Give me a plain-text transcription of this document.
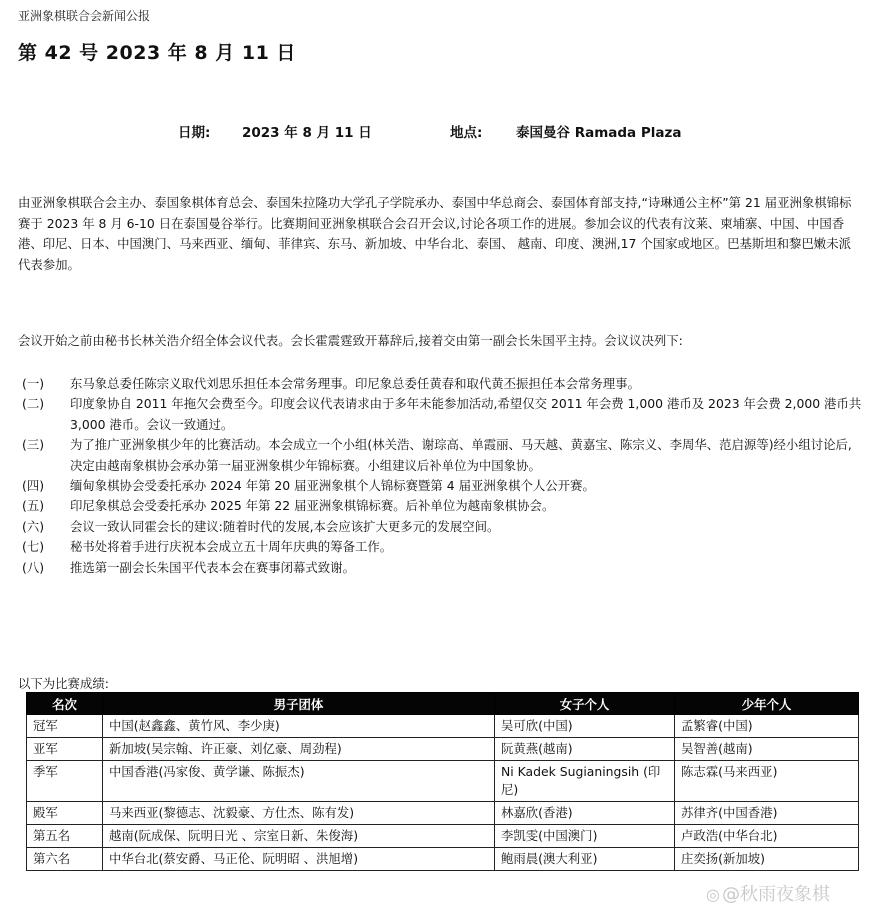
亚洲象棋联合会新闻公报
第 42 号 2023 年 8 月 11 日
日期: 2023 年 8 月 11 日	地点: 泰国曼谷 Ramada Plaza
由亚洲象棋联合会主办、泰国象棋体育总会、泰国朱拉隆功大学孔子学院承办、泰国中华总商会、泰国体育部支持,“诗琳通公主杯”第 21 届亚洲象棋锦标赛于 2023 年 8 月 6-10 日在泰国曼谷举行。比赛期间亚洲象棋联合会召开会议,讨论各项工作的进展。参加会议的代表有汶莱、柬埔寨、中国、中国香港、印尼、日本、中国澳门、马来西亚、缅甸、菲律宾、东马、新加坡、中华台北、泰国、 越南、印度、澳洲,17 个国家或地区。巴基斯坦和黎巴嫩未派代表参加。
会议开始之前由秘书长林关浩介绍全体会议代表。会长霍震霆致开幕辞后,接着交由第一副会长朱国平主持。会议议决列下:
(一)	东马象总委任陈宗义取代刘思乐担任本会常务理事。印尼象总委任黄春和取代黄丕振担任本会常务理事。
(二)	印度象协自 2011 年拖欠会费至今。印度会议代表请求由于多年未能参加活动,希望仅交 2011 年会费 1,000 港币及 2023 年会费 2,000 港币共 3,000 港币。会议一致通过。
(三)	为了推广亚洲象棋少年的比赛活动。本会成立一个小组(林关浩、谢琮高、单霞丽、马天越、黄嘉宝、陈宗义、李周华、范启源等)经小组讨论后,决定由越南象棋协会承办第一届亚洲象棋少年锦标赛。小组建议后补单位为中国象协。
(四)	缅甸象棋协会受委托承办 2024 年第 20 届亚洲象棋个人锦标赛暨第 4 届亚洲象棋个人公开赛。
(五)	印尼象棋总会受委托承办 2025 年第 22 届亚洲象棋锦标赛。后补单位为越南象棋协会。
(六)	会议一致认同霍会长的建议:随着时代的发展,本会应该扩大更多元的发展空间。
(七)	秘书处将着手进行庆祝本会成立五十周年庆典的筹备工作。
(八)	推选第一副会长朱国平代表本会在赛事闭幕式致谢。
以下为比赛成绩:
名次	男子团体	女子个人	少年个人
冠军	中国(赵鑫鑫、黄竹风、李少庚)	吴可欣(中国)	孟繁睿(中国)
亚军	新加坡(吴宗翰、许正豪、刘亿豪、周劲程)	阮黄燕(越南)	吴智善(越南)
季军	中国香港(冯家俊、黄学谦、陈振杰)	Ni Kadek Sugianingsih (印尼)	陈志霖(马来西亚)
殿军	马来西亚(黎德志、沈毅豪、方仕杰、陈有发)	林嘉欣(香港)	苏律齐(中国香港)
第五名	越南(阮成保、阮明日光 、宗室日新、朱俊海)	李凯雯(中国澳门)	卢政浩(中华台北)
第六名	中华台北(蔡安爵、马正伦、阮明昭 、洪旭增)	鲍雨晨(澳大利亚)	庄奕扬(新加坡)
◎ @秋雨夜象棋
